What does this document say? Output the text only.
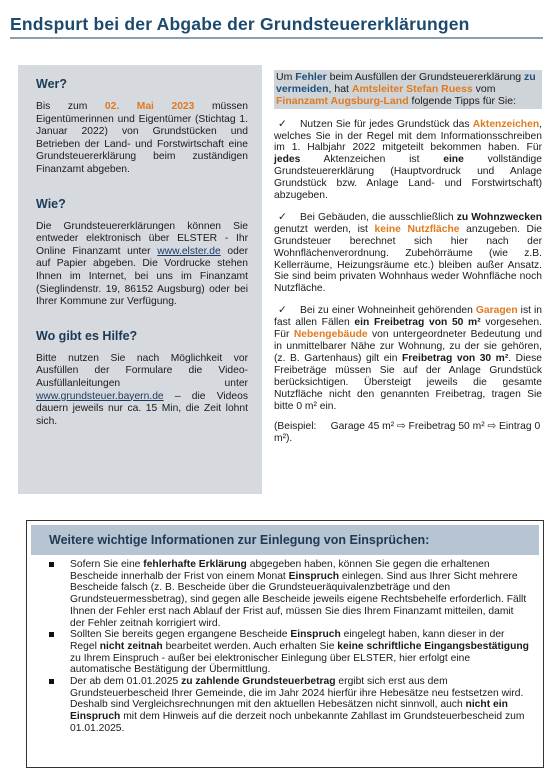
Endspurt bei der Abgabe der Grundsteuererklärungen
Wer?

Bis zum 02. Mai 2023 müssen Eigentümerinnen und Eigentümer (Stichtag 1. Januar 2022) von Grundstücken und Betrieben der Land- und Forstwirtschaft eine Grundsteuererklärung beim zuständigen Finanzamt abgeben.

Wie?

Die Grundsteuererklärungen können Sie entweder elektronisch über ELSTER - Ihr Online Finanzamt unter www.elster.de oder auf Papier abgeben. Die Vordrucke stehen Ihnen im Internet, bei uns im Finanzamt (Sieglindenstr. 19, 86152 Augsburg) oder bei Ihrer Kommune zur Verfügung.

Wo gibt es Hilfe?

Bitte nutzen Sie nach Möglichkeit vor Ausfüllen der Formulare die Video-Ausfüllanleitungen unter www.grundsteuer.bayern.de – die Videos dauern jeweils nur ca. 15 Min, die Zeit lohnt sich.

Um Fehler beim Ausfüllen der Grundsteuererklärung zu vermeiden, hat Amtsleiter Stefan Ruess vom Finanzamt Augsburg-Land folgende Tipps für Sie:

✓ Nutzen Sie für jedes Grundstück das Aktenzeichen, welches Sie in der Regel mit dem Informationsschreiben im 1. Halbjahr 2022 mitgeteilt bekommen haben. Für jedes Aktenzeichen ist eine vollständige Grundsteuererklärung (Hauptvordruck und Anlage Grundstück bzw. Anlage Land- und Forstwirtschaft) abzugeben.

✓ Bei Gebäuden, die ausschließlich zu Wohnzwecken genutzt werden, ist keine Nutzfläche anzugeben. Die Grundsteuer berechnet sich hier nach der Wohnflächenverordnung. Zubehörräume (wie z.B. Kellerräume, Heizungsräume etc.) bleiben außer Ansatz. Sie sind beim privaten Wohnhaus weder Wohnfläche noch Nutzfläche.

✓ Bei zu einer Wohneinheit gehörenden Garagen ist in fast allen Fällen ein Freibetrag von 50 m² vorgesehen. Für Nebengebäude von untergeordneter Bedeutung und in unmittelbarer Nähe zur Wohnung, zu der sie gehören, (z. B. Gartenhaus) gilt ein Freibetrag von 30 m². Diese Freibeträge müssen Sie auf der Anlage Grundstück berücksichtigen. Übersteigt jeweils die gesamte Nutzfläche nicht den genannten Freibetrag, tragen Sie bitte 0 m² ein.

(Beispiel:     Garage 45 m² ⇨ Freibetrag 50 m² ⇨ Eintrag 0 m²).

Weitere wichtige Informationen zur Einlegung von Einsprüchen:
Sofern Sie eine fehlerhafte Erklärung abgegeben haben, können Sie gegen die erhaltenen Bescheide innerhalb der Frist von einem Monat Einspruch einlegen. Sind aus Ihrer Sicht mehrere Bescheide falsch (z. B. Bescheide über die Grundsteueräquivalenzbeträge und den Grundsteuermessbetrag), sind gegen alle Bescheide jeweils eigene Rechtsbehelfe erforderlich. Fällt Ihnen der Fehler erst nach Ablauf der Frist auf, müssen Sie dies Ihrem Finanzamt mitteilen, damit der Fehler zeitnah korrigiert wird.
Sollten Sie bereits gegen ergangene Bescheide Einspruch eingelegt haben, kann dieser in der Regel nicht zeitnah bearbeitet werden. Auch erhalten Sie keine schriftliche Eingangsbestätigung zu Ihrem Einspruch - außer bei elektronischer Einlegung über ELSTER, hier erfolgt eine automatische Bestätigung der Übermittlung.
Der ab dem 01.01.2025 zu zahlende Grundsteuerbetrag ergibt sich erst aus dem Grundsteuerbescheid Ihrer Gemeinde, die im Jahr 2024 hierfür ihre Hebesätze neu festsetzen wird. Deshalb sind Vergleichsrechnungen mit den aktuellen Hebesätzen nicht sinnvoll, auch nicht ein Einspruch mit dem Hinweis auf die derzeit noch unbekannte Zahllast im Grundsteuerbescheid zum 01.01.2025.
